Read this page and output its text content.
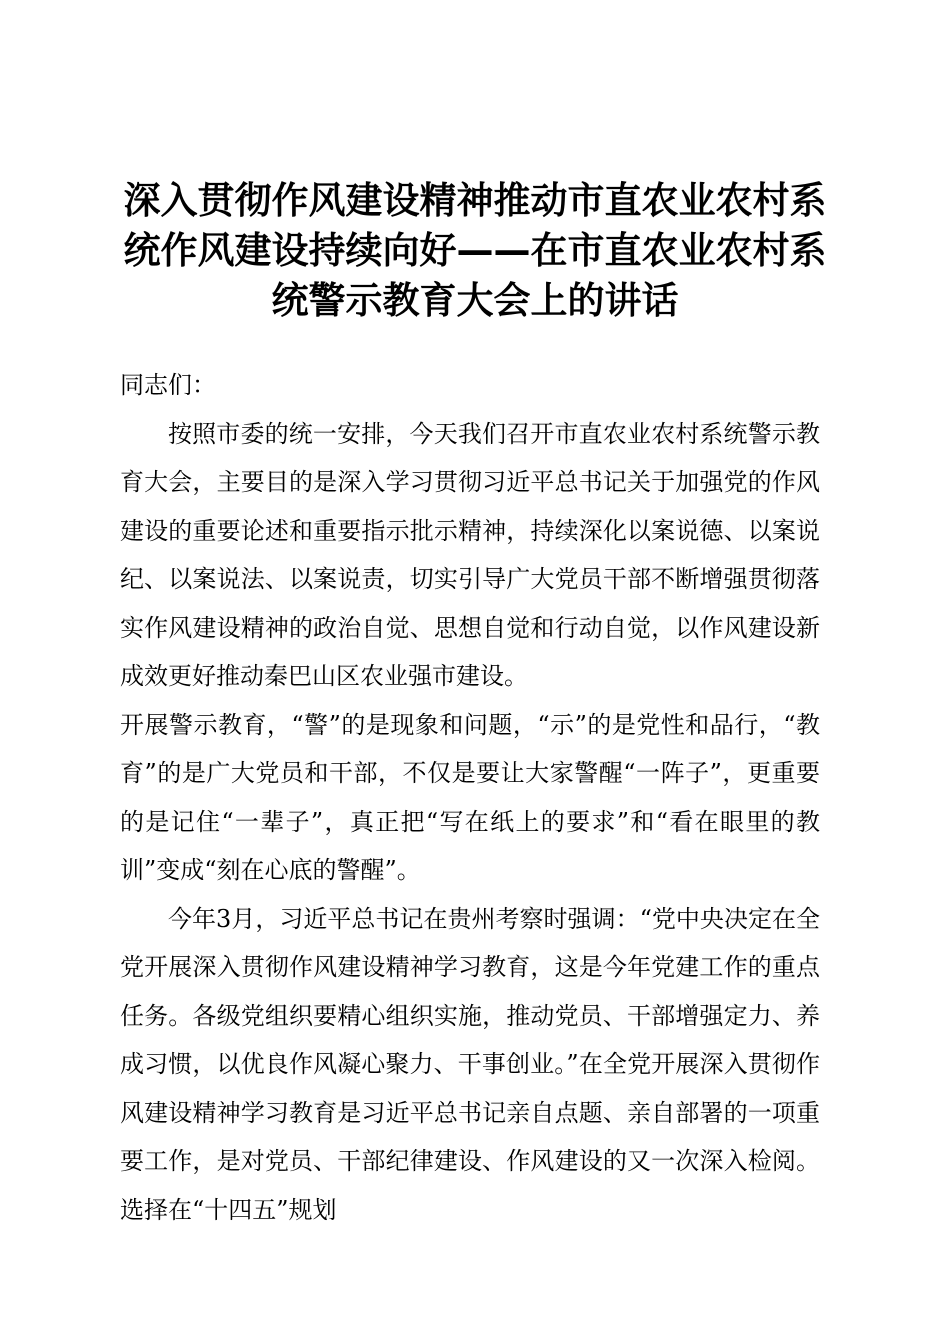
深入贯彻作风建设精神推动市直农业农村系统作风建设持续向好——在市直农业农村系统警示教育大会上的讲话

同志们：

按照市委的统一安排，今天我们召开市直农业农村系统警示教育大会，主要目的是深入学习贯彻习近平总书记关于加强党的作风建设的重要论述和重要指示批示精神，持续深化以案说德、以案说纪、以案说法、以案说责，切实引导广大党员干部不断增强贯彻落实作风建设精神的政治自觉、思想自觉和行动自觉，以作风建设新成效更好推动秦巴山区农业强市建设。

开展警示教育，“警”的是现象和问题，“示”的是党性和品行，“教育”的是广大党员和干部，不仅是要让大家警醒“一阵子”，更重要的是记住“一辈子”，真正把“写在纸上的要求”和“看在眼里的教训”变成“刻在心底的警醒”。

今年3月，习近平总书记在贵州考察时强调：“党中央决定在全党开展深入贯彻作风建设精神学习教育，这是今年党建工作的重点任务。各级党组织要精心组织实施，推动党员、干部增强定力、养成习惯，以优良作风凝心聚力、干事创业。”在全党开展深入贯彻作风建设精神学习教育是习近平总书记亲自点题、亲自部署的一项重要工作，是对党员、干部纪律建设、作风建设的又一次深入检阅。选择在“十四五”规划
